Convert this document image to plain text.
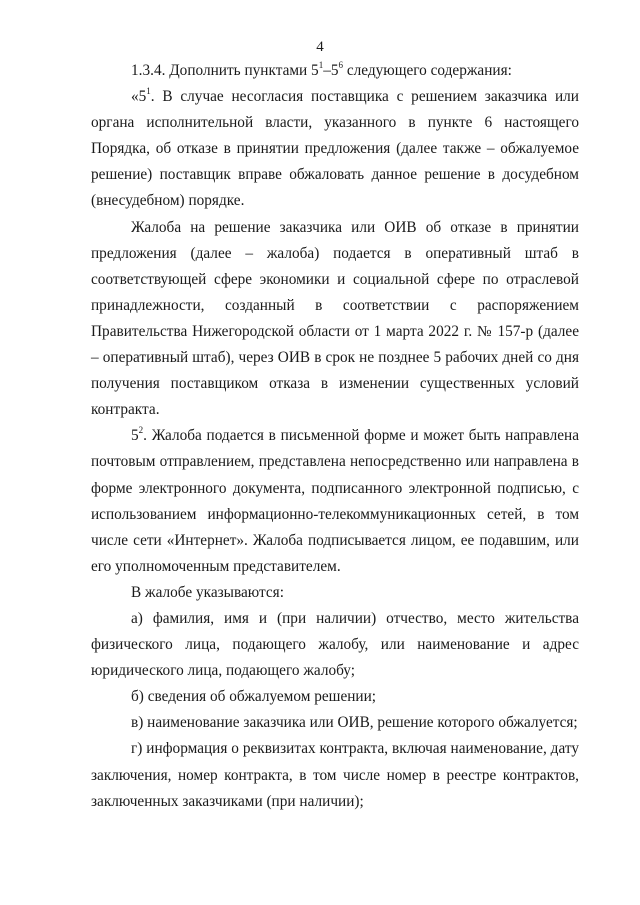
4

1.3.4. Дополнить пунктами $5^1-5^6$ следующего содержания:

«$5^1$. В случае несогласия поставщика с решением заказчика или органа исполнительной власти, указанного в пункте 6 настоящего Порядка, об отказе в принятии предложения (далее также – обжалуемое решение) поставщик вправе обжаловать данное решение в досудебном (внесудебном) порядке.

Жалоба на решение заказчика или ОИВ об отказе в принятии предложения (далее – жалоба) подается в оперативный штаб в соответствующей сфере экономики и социальной сфере по отраслевой принадлежности, созданный в соответствии с распоряжением Правительства Нижегородской области от 1 марта 2022 г. № 157-р (далее – оперативный штаб), через ОИВ в срок не позднее 5 рабочих дней со дня получения поставщиком отказа в изменении существенных условий контракта.

$5^2$. Жалоба подается в письменной форме и может быть направлена почтовым отправлением, представлена непосредственно или направлена в форме электронного документа, подписанного электронной подписью, с использованием информационно-телекоммуникационных сетей, в том числе сети «Интернет». Жалоба подписывается лицом, ее подавшим, или его уполномоченным представителем.

В жалобе указываются:

а) фамилия, имя и (при наличии) отчество, место жительства физического лица, подающего жалобу, или наименование и адрес юридического лица, подающего жалобу;

б) сведения об обжалуемом решении;

в) наименование заказчика или ОИВ, решение которого обжалуется;

г) информация о реквизитах контракта, включая наименование, дату заключения, номер контракта, в том числе номер в реестре контрактов, заключенных заказчиками (при наличии);
